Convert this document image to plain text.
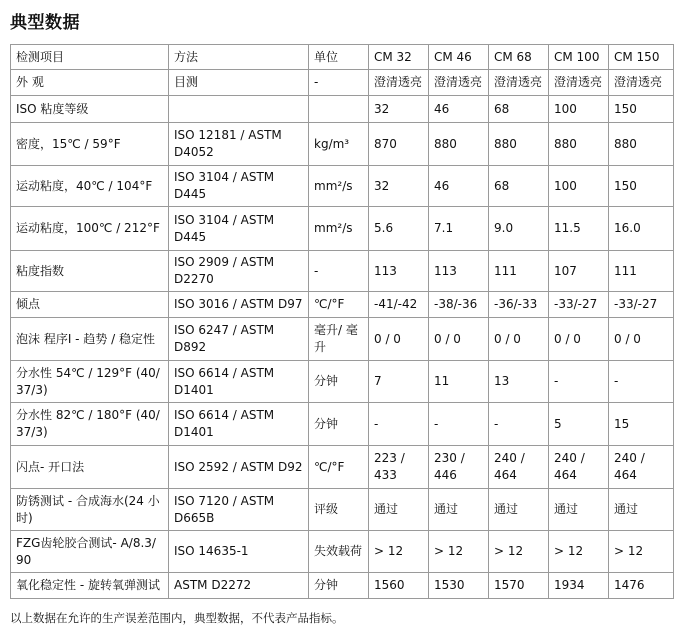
典型数据
检测项目	方法	单位	CM 32	CM 46	CM 68	CM 100	CM 150
外 观	目测	-	澄清透亮	澄清透亮	澄清透亮	澄清透亮	澄清透亮
ISO 粘度等级			32	46	68	100	150
密度，15℃ / 59°F	ISO 12181 / ASTM D4052	kg/m³	870	880	880	880	880
运动粘度，40℃ / 104°F	ISO 3104 / ASTM D445	mm²/s	32	46	68	100	150
运动粘度，100℃ / 212°F	ISO 3104 / ASTM D445	mm²/s	5.6	7.1	9.0	11.5	16.0
粘度指数	ISO 2909 / ASTM D2270	-	113	113	111	107	111
倾点	ISO 3016 / ASTM D97	℃/°F	-41/-42	-38/-36	-36/-33	-33/-27	-33/-27
泡沫 程序I - 趋势 / 稳定性	ISO 6247 / ASTM D892	毫升/ 毫升	0 / 0	0 / 0	0 / 0	0 / 0	0 / 0
分水性 54℃ / 129°F (40/ 37/3)	ISO 6614 / ASTM D1401	分钟	7	11	13	-	-
分水性 82℃ / 180°F (40/ 37/3)	ISO 6614 / ASTM D1401	分钟	-	-	-	5	15
闪点- 开口法	ISO 2592 / ASTM D92	℃/°F	223 / 433	230 / 446	240 / 464	240 / 464	240 / 464
防锈测试 - 合成海水(24 小时)	ISO 7120 / ASTM D665B	评级	通过	通过	通过	通过	通过
FZG齿轮胶合测试- A/8.3/ 90	ISO 14635-1	失效载荷	> 12	> 12	> 12	> 12	> 12
氧化稳定性 - 旋转氧弹测试	ASTM D2272	分钟	1560	1530	1570	1934	1476
以上数据在允许的生产误差范围内，典型数据，不代表产品指标。
